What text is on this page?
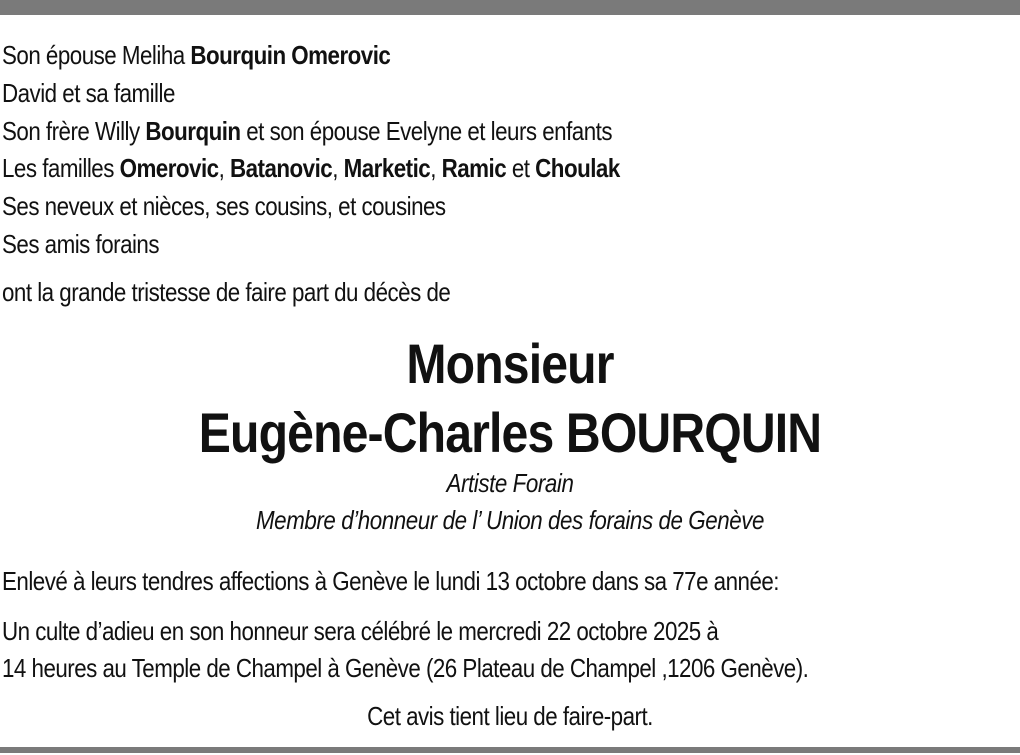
Son épouse Meliha Bourquin Omerovic
David et sa famille
Son frère Willy Bourquin et son épouse Evelyne et leurs enfants
Les familles Omerovic, Batanovic, Marketic, Ramic et Choulak
Ses neveux et nièces, ses cousins, et cousines
Ses amis forains
ont la grande tristesse de faire part du décès de
Monsieur
Eugène-Charles BOURQUIN
Artiste Forain
Membre d’honneur de l’ Union des forains de Genève
Enlevé à leurs tendres affections à Genève le lundi 13 octobre dans sa 77e année:
Un culte d’adieu en son honneur sera célébré le mercredi 22 octobre 2025 à
14 heures au Temple de Champel à Genève (26 Plateau de Champel ,1206 Genève).
Cet avis tient lieu de faire-part.
